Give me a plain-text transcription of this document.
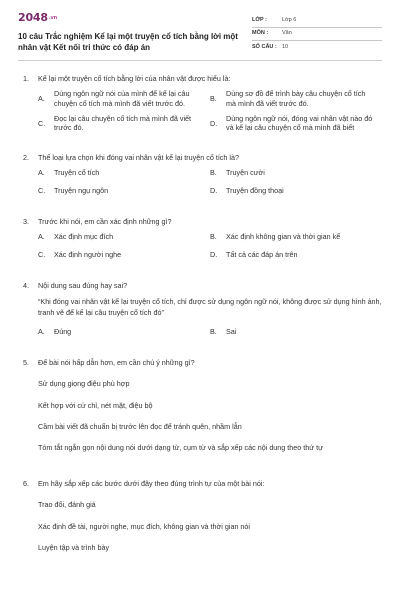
2048.vn
10 câu Trắc nghiệm Kể lại một truyện cổ tích bằng lời một nhân vật Kết nối tri thức có đáp án
LỚP :	Lớp 6
MÔN :	Văn
SỐ CÂU : 10
1.	Kể lại một truyện cổ tích bằng lời của nhân vật được hiểu là:
A.
Dùng ngôn ngữ nói của mình để kể lại câu chuyện cổ tích mà mình đã viết trước đó.
B.
Dùng sơ đồ để trình bày câu chuyện cổ tích mà mình đã viết trước đó.
C.
Đọc lại câu chuyện cổ tích mà mình đã viết trước đó.
D.
Dùng ngôn ngữ nói, đóng vai nhân vật nào đó và kể lại câu chuyện cổ mà mình đã biết
2.	Thể loại lựa chọn khi đóng vai nhân vật kể lại truyện cổ tích là?
A.	Truyện cổ tích	B.	Truyện cười
C.	Truyện ngụ ngôn	D.	Truyện đồng thoại
3.	Trước khi nói, em cần xác định những gì?
A.	Xác định mục đích	B.	Xác định không gian và thời gian kể
C.	Xác định người nghe	D.	Tất cả các đáp án trên
4.	Nội dung sau đúng hay sai?
“Khi đóng vai nhân vật kể lại truyện cổ tích, chỉ được sử dụng ngôn ngữ nói, không được sử dụng hình ảnh, tranh vẽ để kể lại câu truyện cổ tích đó”
A.	Đúng	B.	Sai
5.	Để bài nói hấp dẫn hơn, em cần chú ý những gì?
Sử dụng giọng điệu phù hợp
Kết hợp với cử chỉ, nét mặt, điệu bộ
Cầm bài viết đã chuẩn bị trước lên đọc để tránh quên, nhầm lẫn
Tóm tắt ngắn gọn nội dung nói dưới dạng từ, cụm từ và sắp xếp các nội dung theo thứ tự
6.	Em hãy sắp xếp các bước dưới đây theo đúng trình tự của một bài nói:
Trao đổi, đánh giá
Xác định đề tài, người nghe, mục đích, không gian và thời gian nói
Luyện tập và trình bày
